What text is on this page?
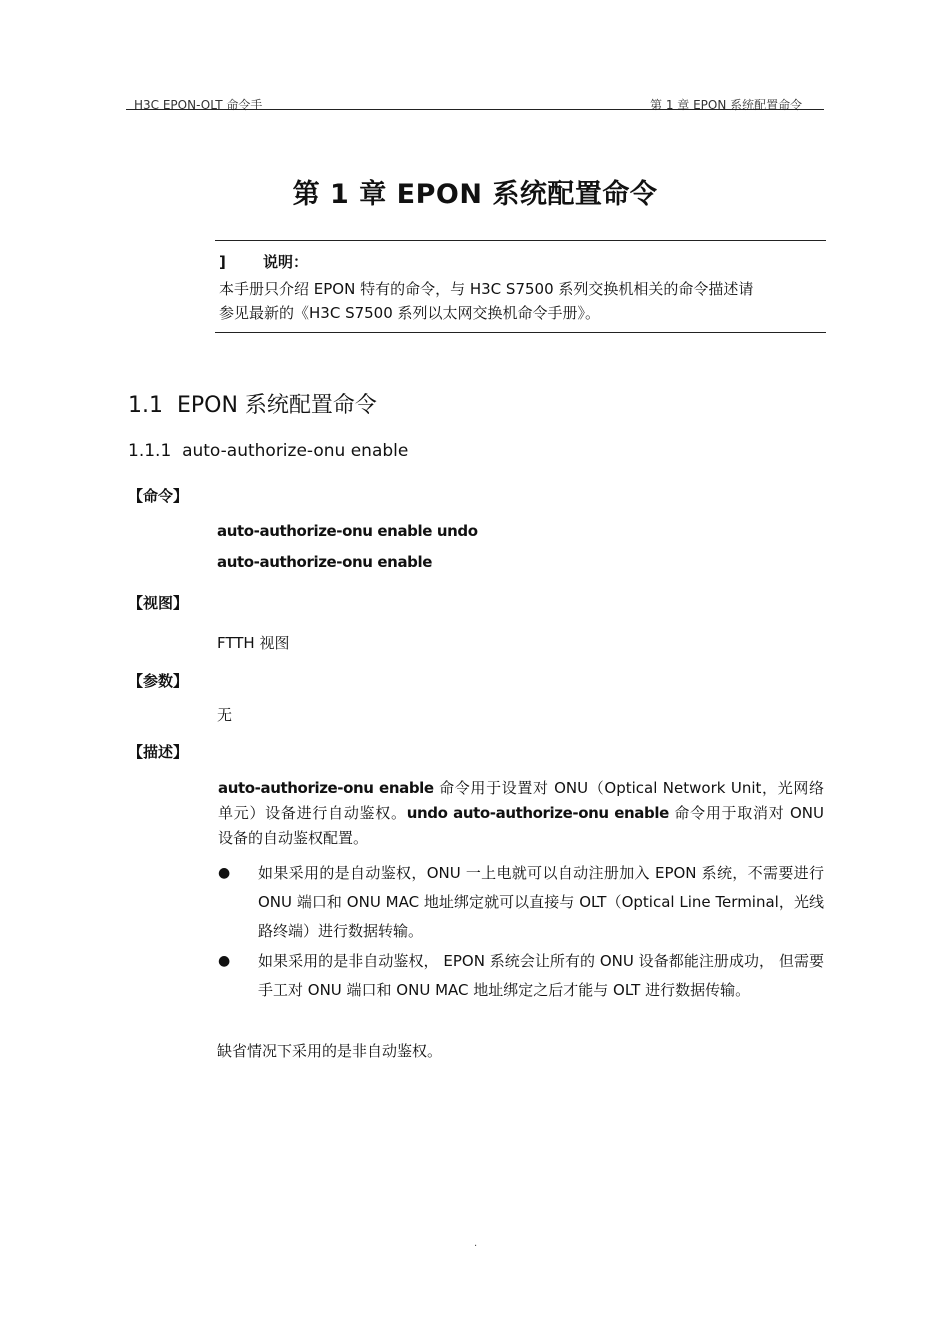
H3C EPON-OLT 命令手	第 1 章 EPON 系统配置命令
第 1 章 EPON 系统配置命令
] 说明：
本手册只介绍 EPON 特有的命令，与 H3C S7500 系列交换机相关的命令描述请
参见最新的《H3C S7500 系列以太网交换机命令手册》。
1.1 EPON 系统配置命令
1.1.1 auto-authorize-onu enable
【命令】
auto-authorize-onu enable undo
auto-authorize-onu enable
【视图】
FTTH 视图
【参数】
无
【描述】
auto-authorize-onu enable 命令用于设置对 ONU（Optical Network Unit，光网络单元）设备进行自动鉴权。undo auto-authorize-onu enable 命令用于取消对 ONU 设备的自动鉴权配置。
● 如果采用的是自动鉴权，ONU 一上电就可以自动注册加入 EPON 系统，不需要进行 ONU 端口和 ONU MAC 地址绑定就可以直接与 OLT（Optical Line Terminal，光线路终端）进行数据转输。
● 如果采用的是非自动鉴权， EPON 系统会让所有的 ONU 设备都能注册成功， 但需要手工对 ONU 端口和 ONU MAC 地址绑定之后才能与 OLT 进行数据传输。
缺省情况下采用的是非自动鉴权。
.
